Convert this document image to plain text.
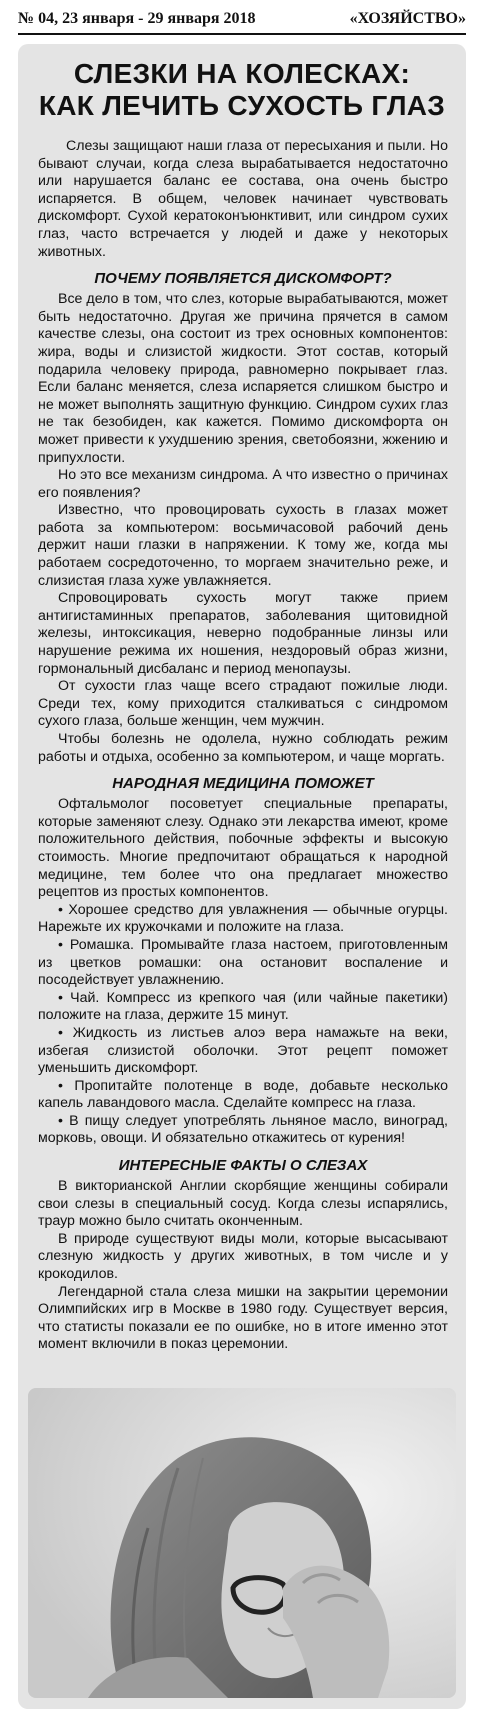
№ 04, 23 января - 29 января 2018	«ХОЗЯЙСТВО»
СЛЕЗКИ НА КОЛЕСКАХ:
КАК ЛЕЧИТЬ СУХОСТЬ ГЛАЗ

Слезы защищают наши глаза от пересыхания и пыли. Но бывают случаи, когда слеза вырабатывается недостаточно или нарушается баланс ее состава, она очень быстро испаряется. В общем, человек начинает чувствовать дискомфорт. Сухой кератоконъюнктивит, или синдром сухих глаз, часто встречается у людей и даже у некоторых животных.

ПОЧЕМУ ПОЯВЛЯЕТСЯ ДИСКОМФОРТ?

Все дело в том, что слез, которые вырабатываются, может быть недостаточно. Другая же причина прячется в самом качестве слезы, она состоит из трех основных компонентов: жира, воды и слизистой жидкости. Этот состав, который подарила человеку природа, равномерно покрывает глаз. Если баланс меняется, слеза испаряется слишком быстро и не может выполнять защитную функцию. Синдром сухих глаз не так безобиден, как кажется. Помимо дискомфорта он может привести к ухудшению зрения, светобоязни, жжению и припухлости.

Но это все механизм синдрома. А что известно о причинах его появления?

Известно, что провоцировать сухость в глазах может работа за компьютером: восьмичасовой рабочий день держит наши глазки в напряжении. К тому же, когда мы работаем сосредоточенно, то моргаем значительно реже, и слизистая глаза хуже увлажняется.

Спровоцировать сухость могут также прием антигистаминных препаратов, заболевания щитовидной железы, интоксикация, неверно подобранные линзы или нарушение режима их ношения, нездоровый образ жизни, гормональный дисбаланс и период менопаузы.

От сухости глаз чаще всего страдают пожилые люди. Среди тех, кому приходится сталкиваться с синдромом сухого глаза, больше женщин, чем мужчин.

Чтобы болезнь не одолела, нужно соблюдать режим работы и отдыха, особенно за компьютером, и чаще моргать.

НАРОДНАЯ МЕДИЦИНА ПОМОЖЕТ

Офтальмолог посоветует специальные препараты, которые заменяют слезу. Однако эти лекарства имеют, кроме положительного действия, побочные эффекты и высокую стоимость. Многие предпочитают обращаться к народной медицине, тем более что она предлагает множество рецептов из простых компонентов.

• Хорошее средство для увлажнения — обычные огурцы. Нарежьте их кружочками и положите на глаза.

• Ромашка. Промывайте глаза настоем, приготовленным из цветков ромашки: она остановит воспаление и посодействует увлажнению.

• Чай. Компресс из крепкого чая (или чайные пакетики) положите на глаза, держите 15 минут.

• Жидкость из листьев алоэ вера намажьте на веки, избегая слизистой оболочки. Этот рецепт поможет уменьшить дискомфорт.

• Пропитайте полотенце в воде, добавьте несколько капель лавандового масла. Сделайте компресс на глаза.

• В пищу следует употреблять льняное масло, виноград, морковь, овощи. И обязательно откажитесь от курения!

ИНТЕРЕСНЫЕ ФАКТЫ О СЛЕЗАХ

В викторианской Англии скорбящие женщины собирали свои слезы в специальный сосуд. Когда слезы испарялись, траур можно было считать оконченным.

В природе существуют виды моли, которые высасывают слезную жидкость у других животных, в том числе и у крокодилов.

Легендарной стала слеза мишки на закрытии церемонии Олимпийских игр в Москве в 1980 году. Существует версия, что статисты показали ее по ошибке, но в итоге именно этот момент включили в показ церемонии.
